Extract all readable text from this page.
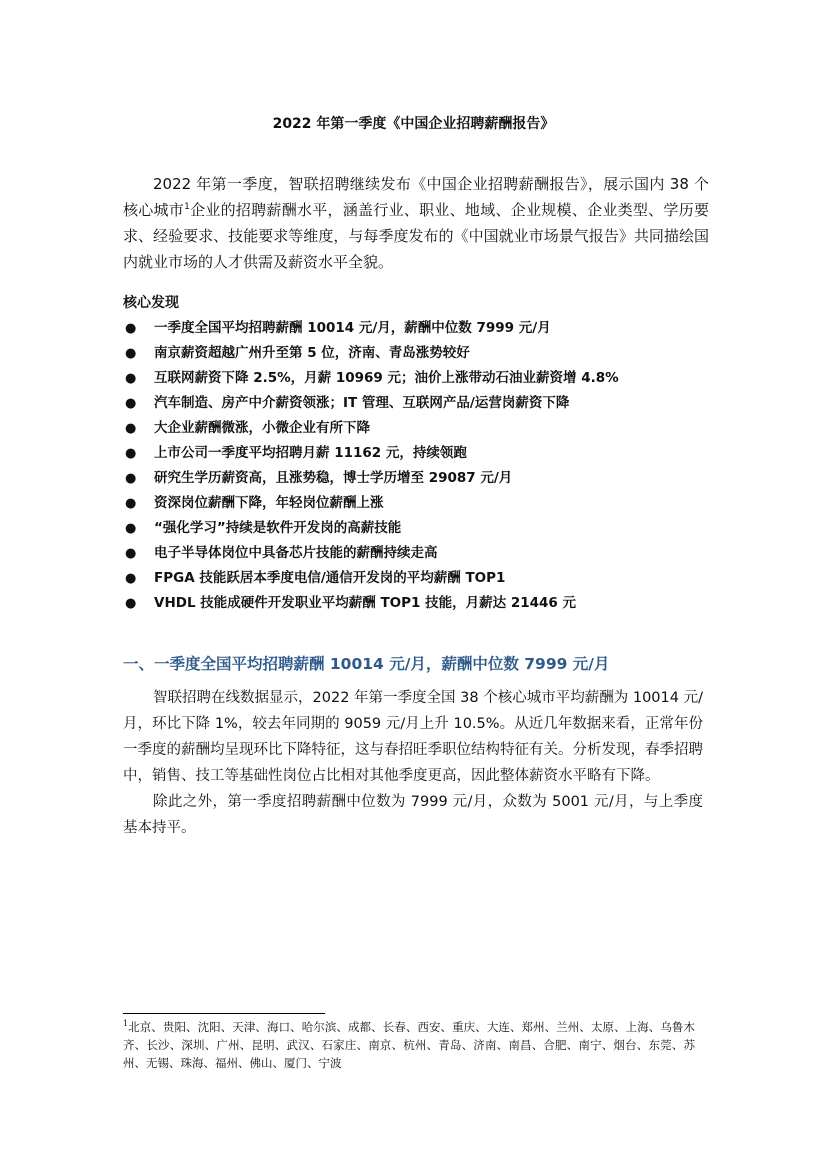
2022 年第一季度《中国企业招聘薪酬报告》
2022 年第一季度，智联招聘继续发布《中国企业招聘薪酬报告》，展示国内 38 个核心城市$^1$企业的招聘薪酬水平，涵盖行业、职业、地域、企业规模、企业类型、学历要求、经验要求、技能要求等维度，与每季度发布的《中国就业市场景气报告》共同描绘国内就业市场的人才供需及薪资水平全貌。
核心发现
● 一季度全国平均招聘薪酬 10014 元/月，薪酬中位数 7999 元/月
● 南京薪资超越广州升至第 5 位，济南、青岛涨势较好
● 互联网薪资下降 2.5%，月薪 10969 元；油价上涨带动石油业薪资增 4.8%
● 汽车制造、房产中介薪资领涨；IT 管理、互联网产品/运营岗薪资下降
● 大企业薪酬微涨，小微企业有所下降
● 上市公司一季度平均招聘月薪 11162 元，持续领跑
● 研究生学历薪资高，且涨势稳，博士学历增至 29087 元/月
● 资深岗位薪酬下降，年轻岗位薪酬上涨
● “强化学习”持续是软件开发岗的高薪技能
● 电子半导体岗位中具备芯片技能的薪酬持续走高
● FPGA 技能跃居本季度电信/通信开发岗的平均薪酬 TOP1
● VHDL 技能成硬件开发职业平均薪酬 TOP1 技能，月薪达 21446 元
一、一季度全国平均招聘薪酬 10014 元/月，薪酬中位数 7999 元/月
智联招聘在线数据显示，2022 年第一季度全国 38 个核心城市平均薪酬为 10014 元/月，环比下降 1%，较去年同期的 9059 元/月上升 10.5%。从近几年数据来看，正常年份一季度的薪酬均呈现环比下降特征，这与春招旺季职位结构特征有关。分析发现，春季招聘中，销售、技工等基础性岗位占比相对其他季度更高，因此整体薪资水平略有下降。
除此之外，第一季度招聘薪酬中位数为 7999 元/月，众数为 5001 元/月，与上季度基本持平。
$^1$北京、贵阳、沈阳、天津、海口、哈尔滨、成都、长春、西安、重庆、大连、郑州、兰州、太原、上海、乌鲁木齐、长沙、深圳、广州、昆明、武汉、石家庄、南京、杭州、青岛、济南、南昌、合肥、南宁、烟台、东莞、苏州、无锡、珠海、福州、佛山、厦门、宁波
